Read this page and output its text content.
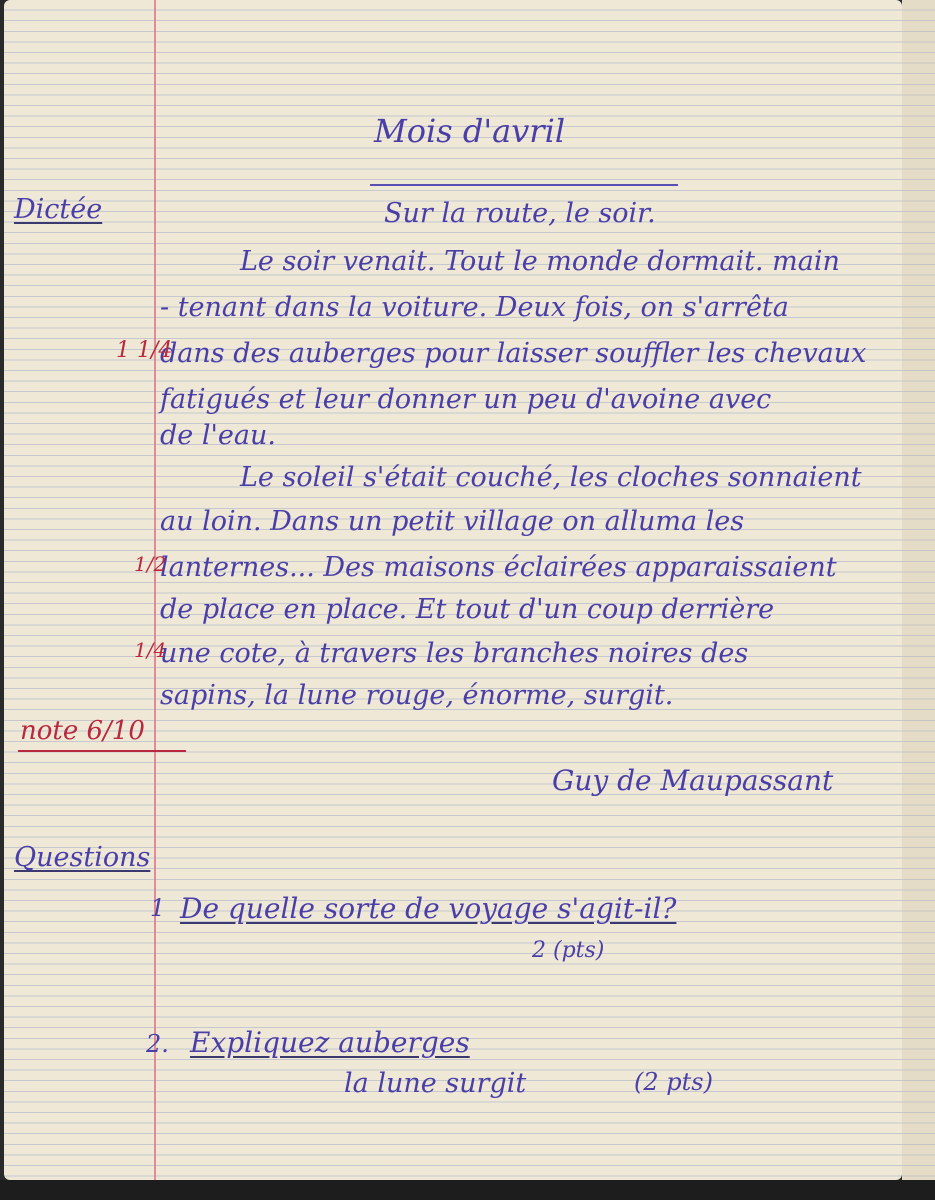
Mois d'avril
Dictée	Sur la route, le soir.
Le soir venait. Tout le monde dormait. main
- tenant dans la voiture. Deux fois, on s'arrêta
dans des auberges pour laisser souffler les chevaux
fatigués et leur donner un peu d'avoine avec
de l'eau.
Le soleil s'était couché, les cloches sonnaient
au loin. Dans un petit village on alluma les
lanternes... Des maisons éclairées apparaissaient
de place en place. Et tout d'un coup derrière
une cote, à travers les branches noires des
sapins, la lune rouge, énorme, surgit.
1 1/4
1/2
1/4
note 6/10
Guy de Maupassant
Questions
1 De quelle sorte de voyage s'agit-il?
2 (pts)
2. Expliquez auberges
la lune surgit	(2 pts)
